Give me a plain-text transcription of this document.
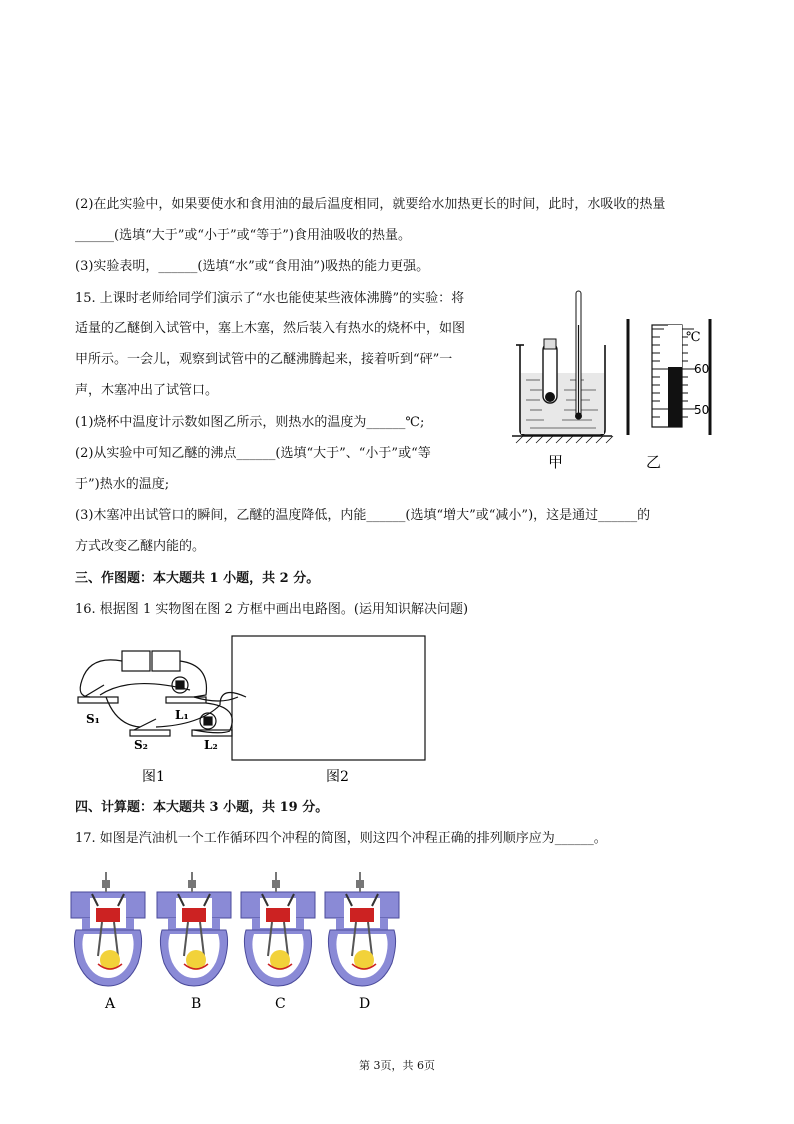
(2)在此实验中，如果要使水和食用油的最后温度相同，就要给水加热更长的时间，此时，水吸收的热量
______(选填“大于”或“小于”或“等于”)食用油吸收的热量。
(3)实验表明，______(选填“水”或“食用油”)吸热的能力更强。
15. 上课时老师给同学们演示了“水也能使某些液体沸腾”的实验：将
适量的乙醚倒入试管中，塞上木塞，然后装入有热水的烧杯中，如图
甲所示。一会儿，观察到试管中的乙醚沸腾起来，接着听到“砰”一
声，木塞冲出了试管口。
(1)烧杯中温度计示数如图乙所示，则热水的温度为______℃;
(2)从实验中可知乙醚的沸点______(选填“大于”、“小于”或“等
于”)热水的温度;
(3)木塞冲出试管口的瞬间，乙醚的温度降低，内能______(选填“增大”或“减小”)，这是通过______的
方式改变乙醚内能的。
三、作图题：本大题共 1 小题，共 2 分。
16. 根据图 1 实物图在图 2 方框中画出电路图。(运用知识解决问题)
四、计算题：本大题共 3 小题，共 19 分。
17. 如图是汽油机一个工作循环四个冲程的简图，则这四个冲程正确的排列顺序应为______。
℃
60
50
甲	乙
S₁	L₁
S₂	L₂
图1	图2
A	B	C	D
第 3页，共 6页
